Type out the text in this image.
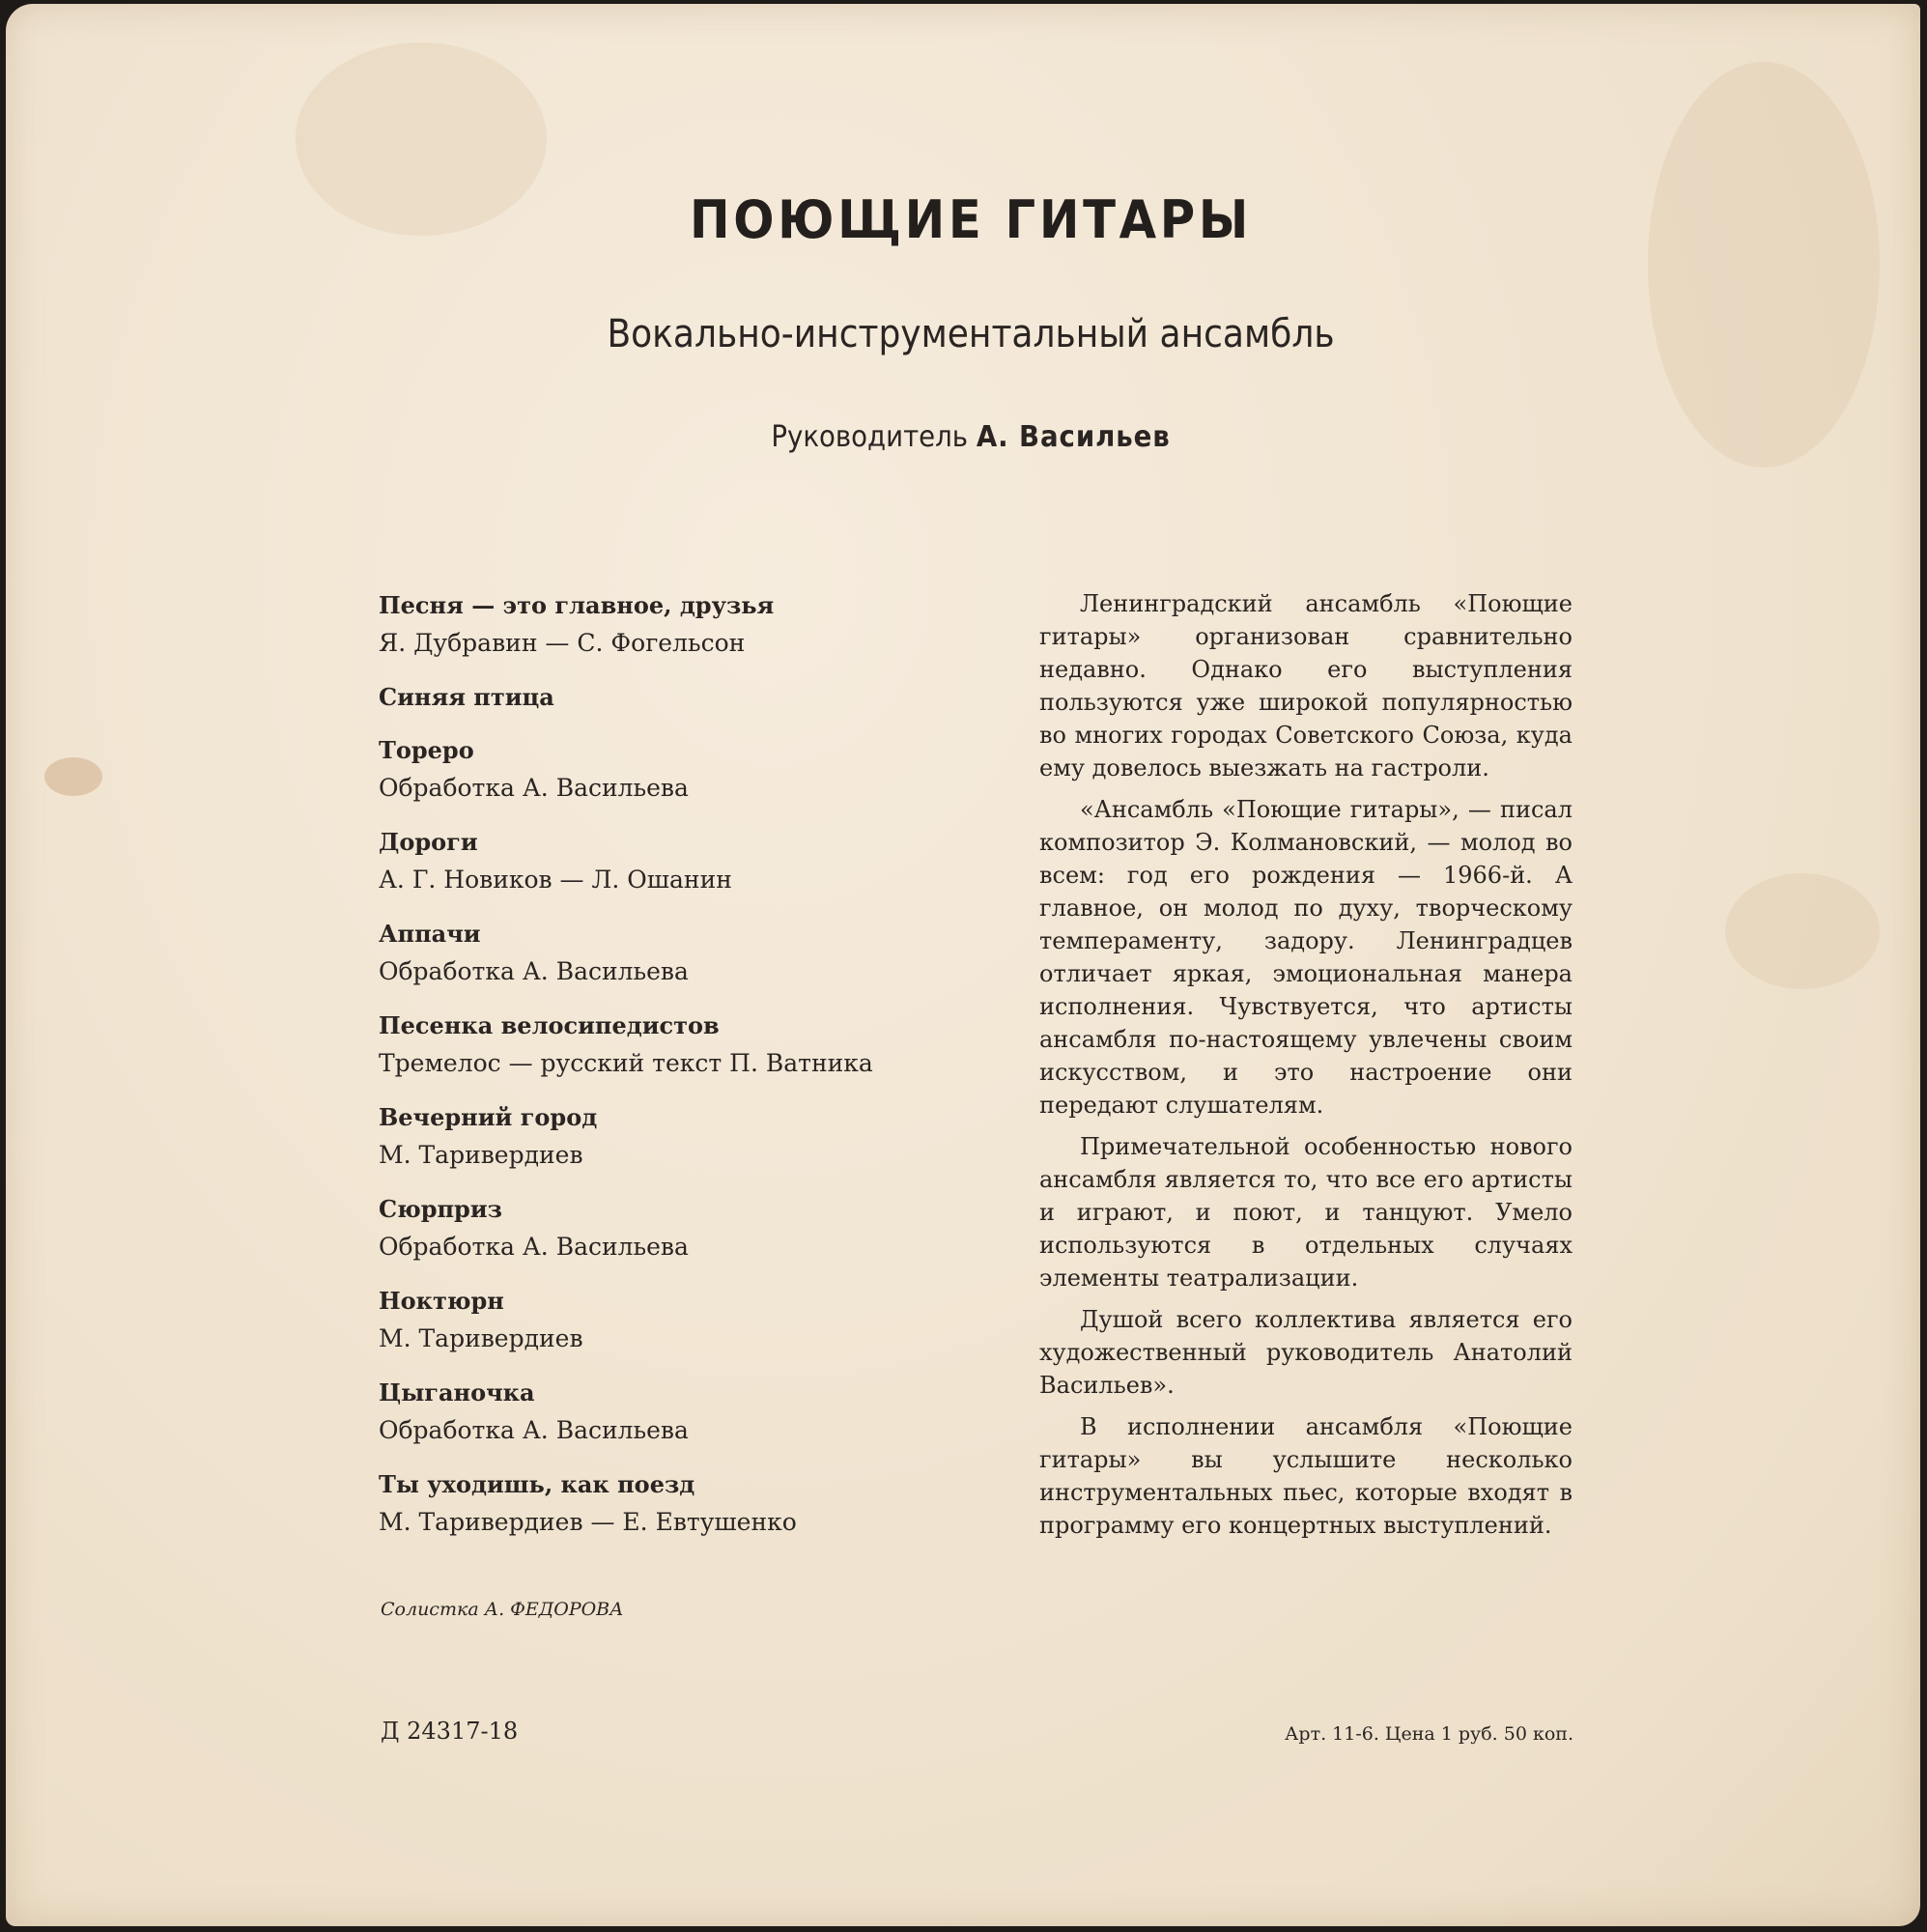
ПОЮЩИЕ ГИТАРЫ
Вокально-инструментальный ансамбль
Руководитель А. Васильев
Песня — это главное, друзья
Я. Дубравин — С. Фогельсон
Синяя птица
Тореро
Обработка А. Васильева
Дороги
А. Г. Новиков — Л. Ошанин
Аппачи
Обработка А. Васильева
Песенка велосипедистов
Тремелос — русский текст П. Ватника
Вечерний город
М. Таривердиев
Сюрприз
Обработка А. Васильева
Ноктюрн
М. Таривердиев
Цыганочка
Обработка А. Васильева
Ты уходишь, как поезд
М. Таривердиев — Е. Евтушенко
Солистка А. ФЕДОРОВА
Д 24317-18

Ленинградский ансамбль «Поющие гитары» организован сравнительно недавно. Однако его выступления пользуются уже широкой популярностью во многих городах Советского Союза, куда ему довелось выезжать на гастроли.

«Ансамбль «Поющие гитары», — писал композитор Э. Колмановский, — молод во всем: год его рождения — 1966-й. А главное, он молод по духу, творческому темпераменту, задору. Ленинградцев отличает яркая, эмоциональная манера исполнения. Чувствуется, что артисты ансамбля по-настоящему увлечены своим искусством, и это настроение они передают слушателям.

Примечательной особенностью нового ансамбля является то, что все его артисты и играют, и поют, и танцуют. Умело используются в отдельных случаях элементы театрализации.

Душой всего коллектива является его художественный руководитель Анатолий Васильев».

В исполнении ансамбля «Поющие гитары» вы услышите несколько инструментальных пьес, которые входят в программу его концертных выступлений.

Арт. 11-6. Цена 1 руб. 50 коп.
